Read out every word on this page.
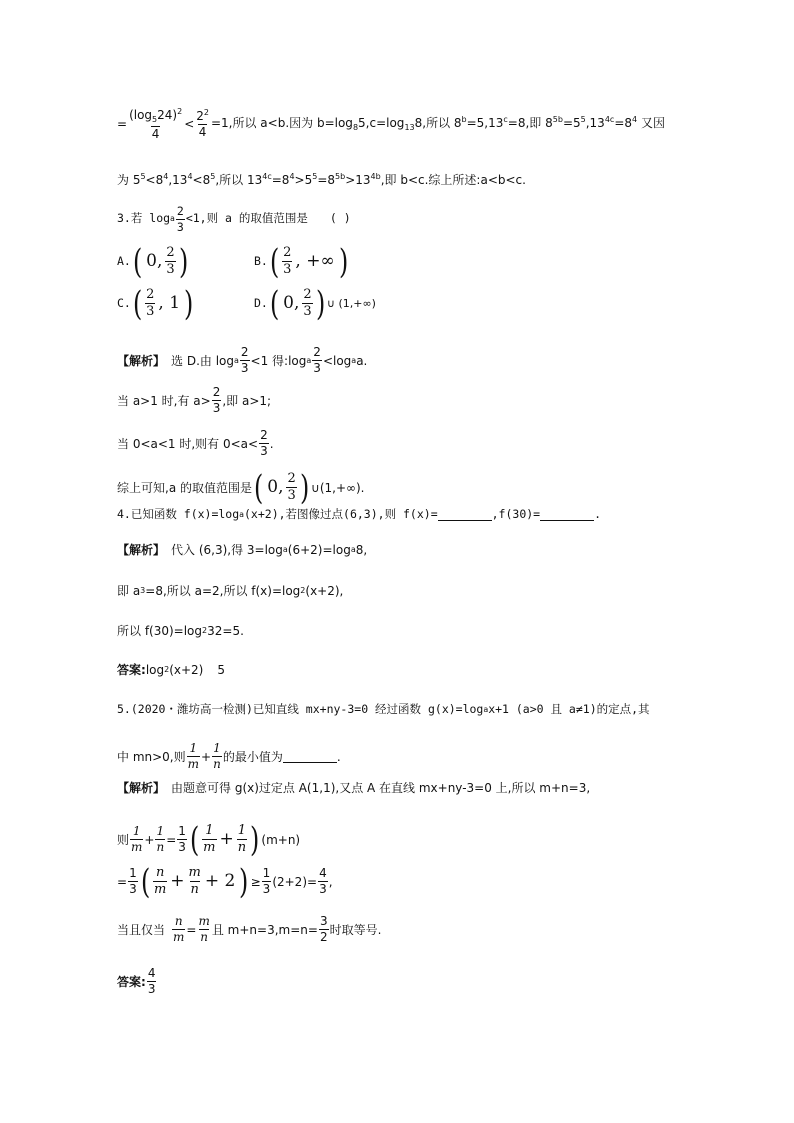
= $\frac{(\log_524)^2}{4} < \frac{2^2}{4} =1$,所以 a<b.因为 $b=\log_85,c=\log_{13}8$,所以 $8^b=5,13^c=8$,即 $8^{5b}=5^5,13^{4c}=8^4$ 又因
为 $5^5<8^4,13^4<8^5$,所以 $13^{4c}=8^4>5^5=8^{5b}>13^{4b}$,即 b<c.综上所述:a<b<c.
3.若 log a $\frac{2}{3} <1$,则 a 的取值范围是 ( )
A. ( 0, $\frac{2}{3}$ )	B. ( $\frac{2}{3}$ , +∞ )
C. ( $\frac{2}{3}$ , 1 )	D. ( 0, $\frac{2}{3}$ ) ∪ (1,+∞)
【解析】 选 D.由 log a $\frac{2}{3} <1$ 得:log a $\frac{2}{3} <\log$ a a.
当 a>1 时,有 $a> \frac{2}{3}$ ,即 a>1;
当 0<a<1 时,则有 $0<a< \frac{2}{3}$ .
综上可知,a 的取值范围是 ( 0, $\frac{2}{3}$ ) ∪(1,+∞).
4.已知函数 f(x)=log a (x+2),若图像过点(6,3),则 f(x)=	,f(30)=	.
【解析】 代入 (6,3),得 3=log a (6+2)=log a 8,
即 a 3 =8,所以 a=2,所以 f(x)=log 2 (x+2),
所以 f(30)=log 2 32=5.
答案: log 2 (x+2) 5
5.(2020・潍坊高一检测)已知直线 mx+ny-3=0 经过函数 g(x)=log a x+1 (a>0 且 a≠1)的定点,其
中 mn>0,则 $\frac{1}{m} + \frac{1}{n}$ 的最小值为	.
【解析】 由题意可得 g(x)过定点 A(1,1),又点 A 在直线 mx+ny-3=0 上,所以 m+n=3,
则 $\frac{1}{m} + \frac{1}{n} = \frac{1}{3}$ ( $\frac{1}{m} + \frac{1}{n}$ ) (m+n)
= $\frac{1}{3}$ ( $\frac{n}{m} + \frac{m}{n} + 2$ ) ≥ $\frac{1}{3} (2+2)= \frac{4}{3}$ ,
当且仅当 $\frac{n}{m} = \frac{m}{n}$ 且 $m+n=3,m=n= \frac{3}{2}$ 时取等号.
答案: $\frac{4}{3}$
